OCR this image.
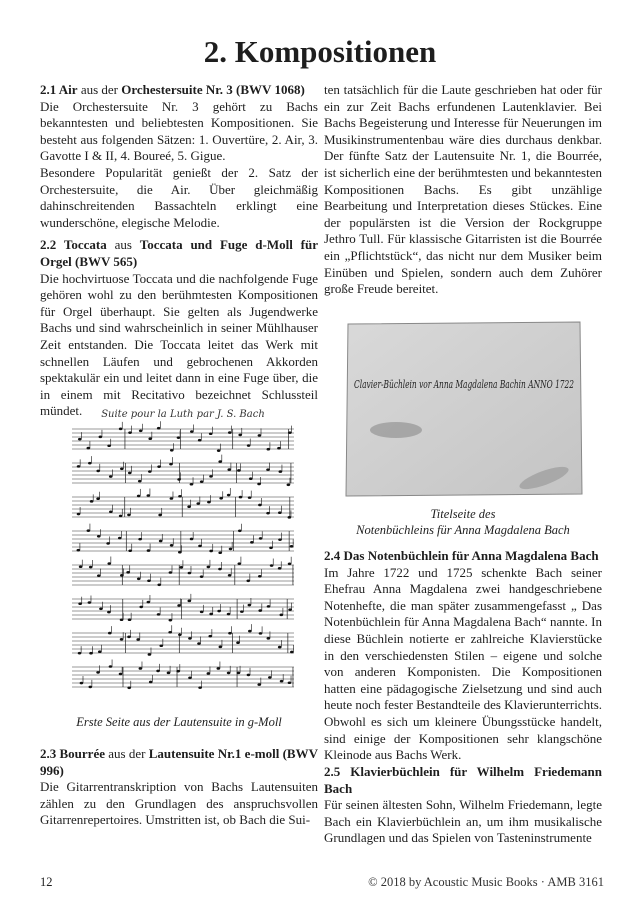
2. Kompositionen
2.1 Air aus der Orchestersuite Nr. 3 (BWV 1068)

Die Orchestersuite Nr. 3 gehört zu Bachs bekanntesten und beliebtesten Kompositionen. Sie besteht aus folgenden Sätzen: 1. Ouvertüre, 2. Air, 3. Gavotte I & II, 4. Boureé, 5. Gigue.

Besondere Popularität genießt der 2. Satz der Orchestersuite, die Air. Über gleichmäßig dahinschreitenden Bassachteln erklingt eine wunderschöne, elegische Melodie.

2.2 Toccata aus Toccata und Fuge d-Moll für Orgel (BWV 565)

Die hochvirtuose Toccata und die nachfolgende Fuge gehören wohl zu den berühmtesten Kompositionen für Orgel überhaupt. Sie gelten als Jugendwerke Bachs und sind wahrscheinlich in seiner Mühlhauser Zeit entstanden. Die Toccata leitet das Werk mit schnellen Läufen und gebrochenen Akkorden spektakulär ein und leitet dann in eine Fuge über, die in einem mit Recitativo bezeichnet Schlussteil mündet.	Suite pour la Luth par J. S. Bach
Erste Seite aus der Lautensuite in g-Moll
2.3 Bourrée aus der Lautensuite Nr.1 e-moll (BWV 996)

Die Gitarrentranskription von Bachs Lautensuiten zählen zu den Grundlagen des anspruchsvollen Gitarrenrepertoires. Umstritten ist, ob Bach die Sui-

ten tatsächlich für die Laute geschrieben hat oder für ein zur Zeit Bachs erfundenen Lautenklavier. Bei Bachs Begeisterung und Interesse für Neuerungen im Musikinstrumentenbau wäre dies durchaus denkbar. Der fünfte Satz der Lautensuite Nr. 1, die Bourrée, ist sicherlich eine der berühmtesten und bekanntesten Kompositionen Bachs. Es gibt unzählige Bearbeitung und Interpretation dieses Stückes. Eine der populärsten ist die Version der Rockgruppe Jethro Tull. Für klassische Gitarristen ist die Bourrée ein „Pflichtstück“, das nicht nur dem Musiker beim Einüben und Spielen, sondern auch dem Zuhörer große Freude bereitet.

Clavier-Büchlein vor Anna Magdalena Bachin ANNO 1722
Titelseite des
Notenbüchleins für Anna Magdalena Bach
2.4 Das Notenbüchlein für Anna Magdalena Bach

Im Jahre 1722 und 1725 schenkte Bach seiner Ehefrau Anna Magdalena zwei handgeschriebene Notenhefte, die man später zusammengefasst „ Das Notenbüchlein für Anna Magdalena Bach“ nannte. In diese Büchlein notierte er zahlreiche Klavierstücke in den verschiedensten Stilen – eigene und solche von anderen Komponisten. Die Kompositionen hatten eine pädagogische Zielsetzung und sind auch heute noch fester Bestandteile des Klavierunterrichts. Obwohl es sich um kleinere Übungsstücke handelt, sind einige der Kompositionen sehr klangschöne Kleinode aus Bachs Werk.

2.5 Klavierbüchlein für Wilhelm Friedemann Bach

Für seinen ältesten Sohn, Wilhelm Friedemann, legte Bach ein Klavierbüchlein an, um ihm musikalische Grundlagen und das Spielen von Tasteninstrumente

12	© 2018 by Acoustic Music Books · AMB 3161
